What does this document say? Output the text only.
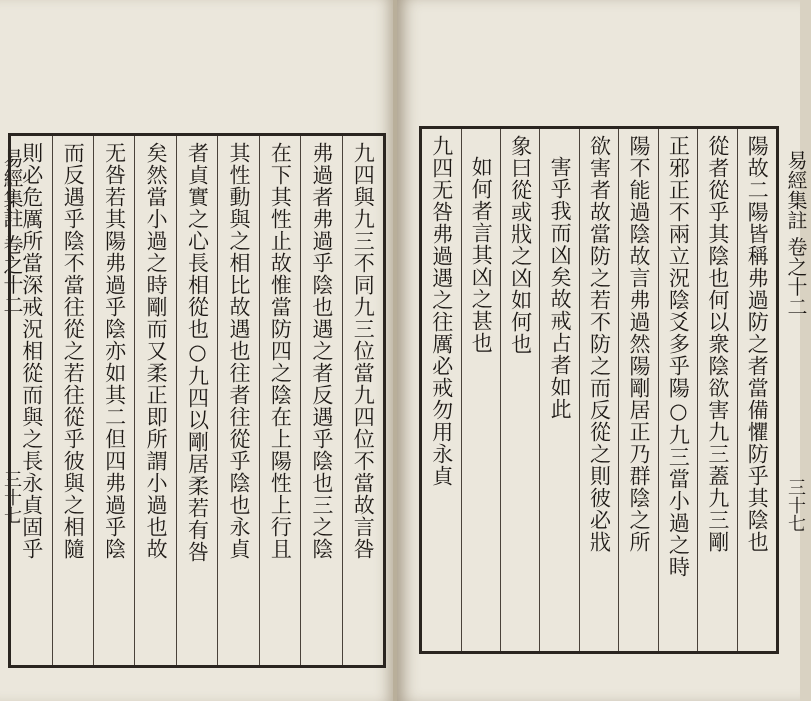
易經集註 卷之十二
三十七	九四與九三不同九三位當九四位不當故言咎
弗過者弗過乎陰也遇之者反遇乎陰也三之陰
在下其性止故惟當防四之陰在上陽性上行且
其性動與之相比故遇也往者往從乎陰也永貞
者貞實之心長相從也○九四以剛居柔若有咎
矣然當小過之時剛而又柔正即所謂小過也故
无咎若其陽弗過乎陰亦如其二但四弗過乎陰
而反遇乎陰不當往從之若往從乎彼與之相隨
則必危厲所當深戒況相從而與之長永貞固乎	易經集註 卷之十二
三十七
陽故二陽皆稱弗過防之者當備懼防乎其陰也
從者從乎其陰也何以衆陰欲害九三蓋九三剛
正邪正不兩立況陰爻多乎陽○九三當小過之時
陽不能過陰故言弗過然陽剛居正乃群陰之所
欲害者故當防之若不防之而反從之則彼必戕
害乎我而凶矣故戒占者如此
象曰從或戕之凶如何也
如何者言其凶之甚也
九四无咎弗過遇之往厲必戒勿用永貞
